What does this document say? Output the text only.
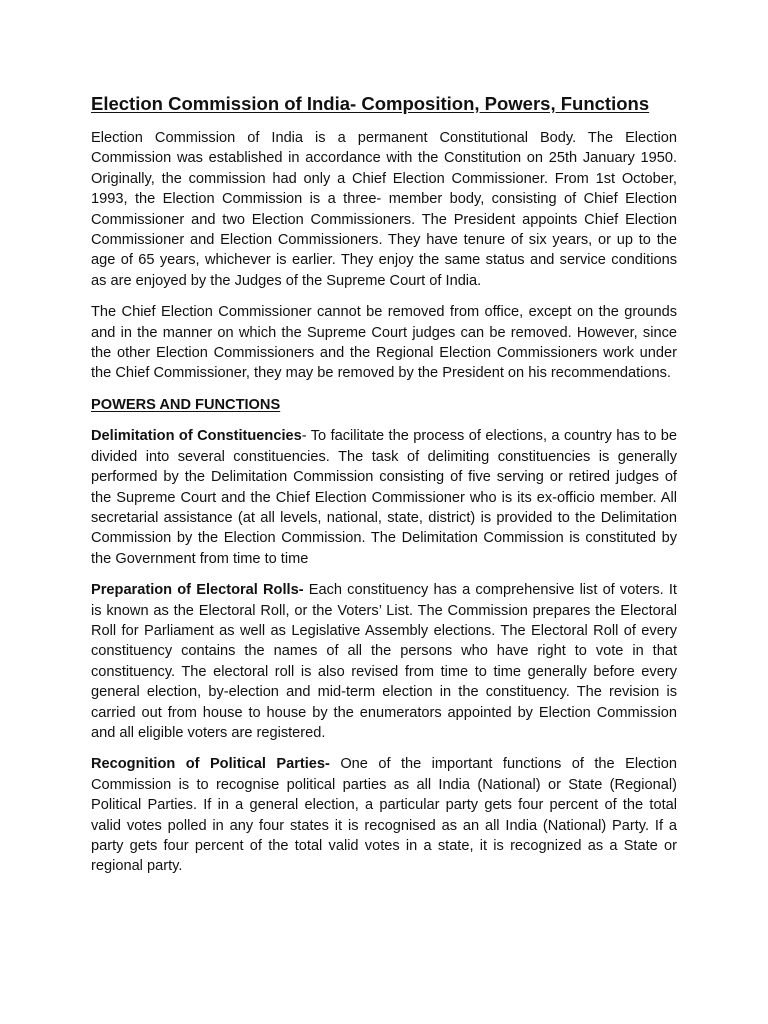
Election Commission of India- Composition, Powers, Functions

Election Commission of India is a permanent Constitutional Body. The Election Commission was established in accordance with the Constitution on 25th January 1950. Originally, the commission had only a Chief Election Commissioner. From 1st October, 1993, the Election Commission is a three- member body, consisting of Chief Election Commissioner and two Election Commissioners. The President appoints Chief Election Commissioner and Election Commissioners. They have tenure of six years, or up to the age of 65 years, whichever is earlier. They enjoy the same status and service conditions as are enjoyed by the Judges of the Supreme Court of India.

The Chief Election Commissioner cannot be removed from office, except on the grounds and in the manner on which the Supreme Court judges can be removed. However, since the other Election Commissioners and the Regional Election Commissioners work under the Chief Commissioner, they may be removed by the President on his recommendations.

POWERS AND FUNCTIONS

Delimitation of Constituencies- To facilitate the process of elections, a country has to be divided into several constituencies. The task of delimiting constituencies is generally performed by the Delimitation Commission consisting of five serving or retired judges of the Supreme Court and the Chief Election Commissioner who is its ex-officio member. All secretarial assistance (at all levels, national, state, district) is provided to the Delimitation Commission by the Election Commission. The Delimitation Commission is constituted by the Government from time to time

Preparation of Electoral Rolls- Each constituency has a comprehensive list of voters. It is known as the Electoral Roll, or the Voters’ List. The Commission prepares the Electoral Roll for Parliament as well as Legislative Assembly elections. The Electoral Roll of every constituency contains the names of all the persons who have right to vote in that constituency. The electoral roll is also revised from time to time generally before every general election, by-election and mid-term election in the constituency. The revision is carried out from house to house by the enumerators appointed by Election Commission and all eligible voters are registered.

Recognition of Political Parties- One of the important functions of the Election Commission is to recognise political parties as all India (National) or State (Regional) Political Parties. If in a general election, a particular party gets four percent of the total valid votes polled in any four states it is recognised as an all India (National) Party. If a party gets four percent of the total valid votes in a state, it is recognized as a State or regional party.
